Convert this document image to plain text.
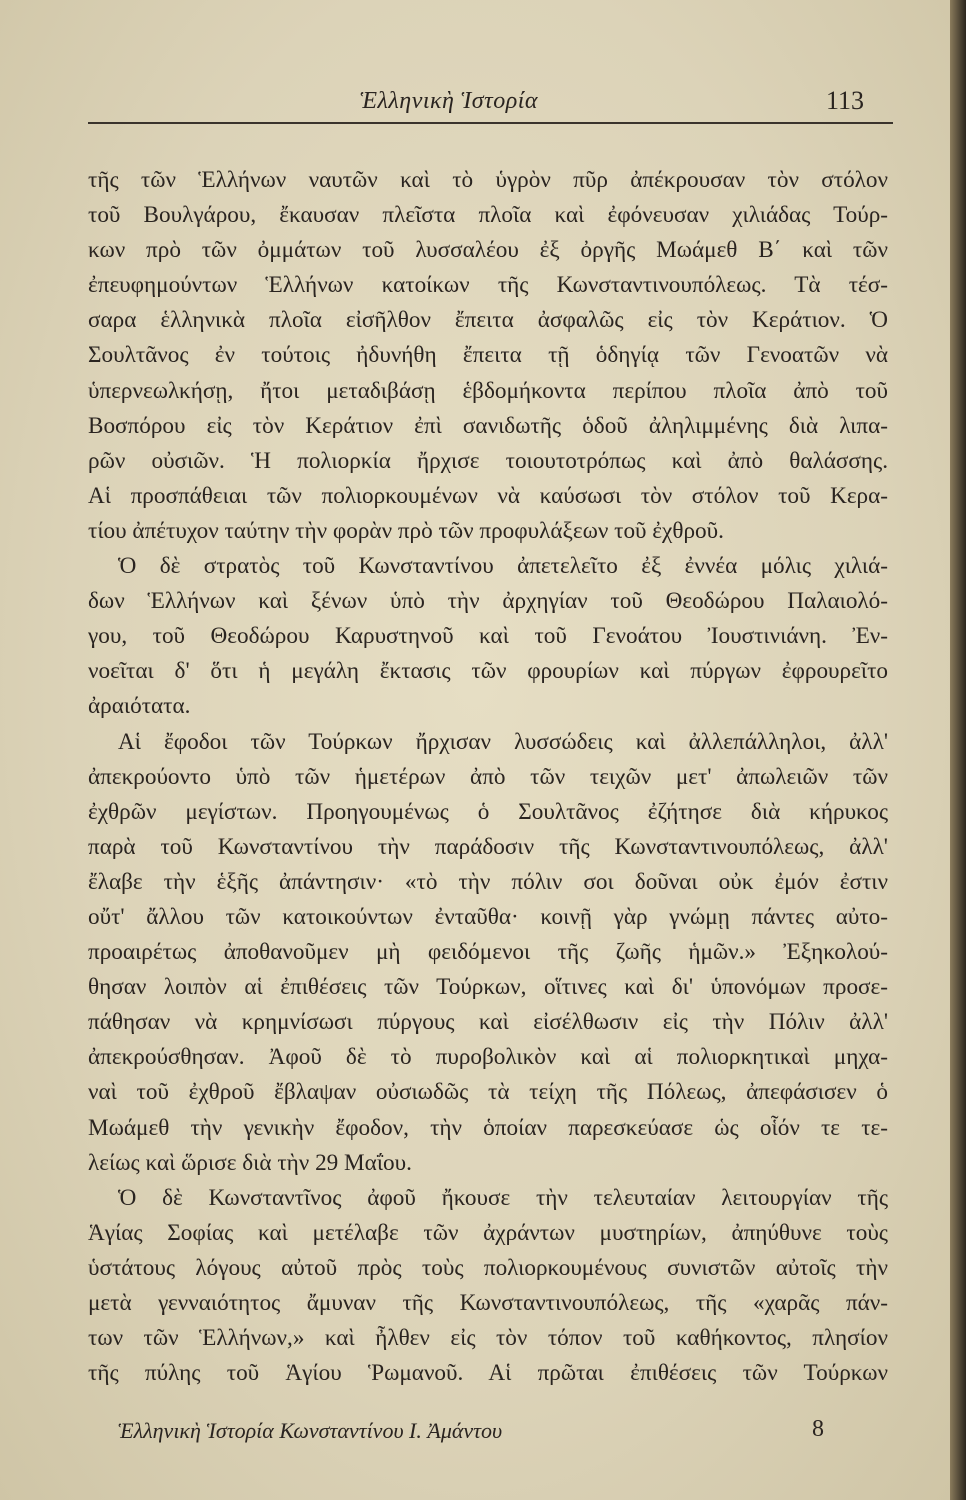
Ἑλληνικὴ Ἱστορία	113
τῆς τῶν Ἑλλήνων ναυτῶν καὶ τὸ ὑγρὸν πῦρ ἀπέκρουσαν τὸν στόλον
τοῦ Βουλγάρου, ἔκαυσαν πλεῖστα πλοῖα καὶ ἐφόνευσαν χιλιάδας Τούρ-
κων πρὸ τῶν ὀμμάτων τοῦ λυσσαλέου ἐξ ὀργῆς Μωάμεθ Β΄ καὶ τῶν
ἐπευφημούντων Ἑλλήνων κατοίκων τῆς Κωνσταντινουπόλεως. Τὰ τέσ-
σαρα ἑλληνικὰ πλοῖα εἰσῆλθον ἔπειτα ἀσφαλῶς εἰς τὸν Κεράτιον. Ὁ
Σουλτᾶνος ἐν τούτοις ἠδυνήθη ἔπειτα τῇ ὁδηγίᾳ τῶν Γενοατῶν νὰ
ὑπερνεωλκήσῃ, ἤτοι μεταδιβάσῃ ἑβδομήκοντα περίπου πλοῖα ἀπὸ τοῦ
Βοσπόρου εἰς τὸν Κεράτιον ἐπὶ σανιδωτῆς ὁδοῦ ἀληλιμμένης διὰ λιπα-
ρῶν οὐσιῶν. Ἡ πολιορκία ἤρχισε τοιουτοτρόπως καὶ ἀπὸ θαλάσσης.
Αἱ προσπάθειαι τῶν πολιορκουμένων νὰ καύσωσι τὸν στόλον τοῦ Κερα-
τίου ἀπέτυχον ταύτην τὴν φορὰν πρὸ τῶν προφυλάξεων τοῦ ἐχθροῦ.
Ὁ δὲ στρατὸς τοῦ Κωνσταντίνου ἀπετελεῖτο ἐξ ἐννέα μόλις χιλιά-
δων Ἑλλήνων καὶ ξένων ὑπὸ τὴν ἀρχηγίαν τοῦ Θεοδώρου Παλαιολό-
γου, τοῦ Θεοδώρου Καρυστηνοῦ καὶ τοῦ Γενοάτου Ἰουστινιάνη. Ἐν-
νοεῖται δ' ὅτι ἡ μεγάλη ἔκτασις τῶν φρουρίων καὶ πύργων ἐφρουρεῖτο
ἀραιότατα.
Αἱ ἔφοδοι τῶν Τούρκων ἤρχισαν λυσσώδεις καὶ ἀλλεπάλληλοι, ἀλλ'
ἀπεκρούοντο ὑπὸ τῶν ἡμετέρων ἀπὸ τῶν τειχῶν μετ' ἀπωλειῶν τῶν
ἐχθρῶν μεγίστων. Προηγουμένως ὁ Σουλτᾶνος ἐζήτησε διὰ κήρυκος
παρὰ τοῦ Κωνσταντίνου τὴν παράδοσιν τῆς Κωνσταντινουπόλεως, ἀλλ'
ἔλαβε τὴν ἑξῆς ἀπάντησιν· «τὸ τὴν πόλιν σοι δοῦναι οὐκ ἐμόν ἐστιν
οὔτ' ἄλλου τῶν κατοικούντων ἐνταῦθα· κοινῇ γὰρ γνώμῃ πάντες αὐτο-
προαιρέτως ἀποθανοῦμεν μὴ φειδόμενοι τῆς ζωῆς ἡμῶν.» Ἐξηκολού-
θησαν λοιπὸν αἱ ἐπιθέσεις τῶν Τούρκων, οἵτινες καὶ δι' ὑπονόμων προσε-
πάθησαν νὰ κρημνίσωσι πύργους καὶ εἰσέλθωσιν εἰς τὴν Πόλιν ἀλλ'
ἀπεκρούσθησαν. Ἀφοῦ δὲ τὸ πυροβολικὸν καὶ αἱ πολιορκητικαὶ μηχα-
ναὶ τοῦ ἐχθροῦ ἔβλαψαν οὐσιωδῶς τὰ τείχη τῆς Πόλεως, ἀπεφάσισεν ὁ
Μωάμεθ τὴν γενικὴν ἔφοδον, τὴν ὁποίαν παρεσκεύασε ὡς οἷόν τε τε-
λείως καὶ ὥρισε διὰ τὴν 29 Μαΐου.
Ὁ δὲ Κωνσταντῖνος ἀφοῦ ἤκουσε τὴν τελευταίαν λειτουργίαν τῆς
Ἁγίας Σοφίας καὶ μετέλαβε τῶν ἀχράντων μυστηρίων, ἀπηύθυνε τοὺς
ὑστάτους λόγους αὐτοῦ πρὸς τοὺς πολιορκουμένους συνιστῶν αὐτοῖς τὴν
μετὰ γενναιότητος ἄμυναν τῆς Κωνσταντινουπόλεως, τῆς «χαρᾶς πάν-
των τῶν Ἑλλήνων,» καὶ ἦλθεν εἰς τὸν τόπον τοῦ καθήκοντος, πλησίον
τῆς πύλης τοῦ Ἁγίου Ῥωμανοῦ. Αἱ πρῶται ἐπιθέσεις τῶν Τούρκων
Ἑλληνικὴ Ἱστορία Κωνσταντίνου Ι. Ἀμάντου	8
